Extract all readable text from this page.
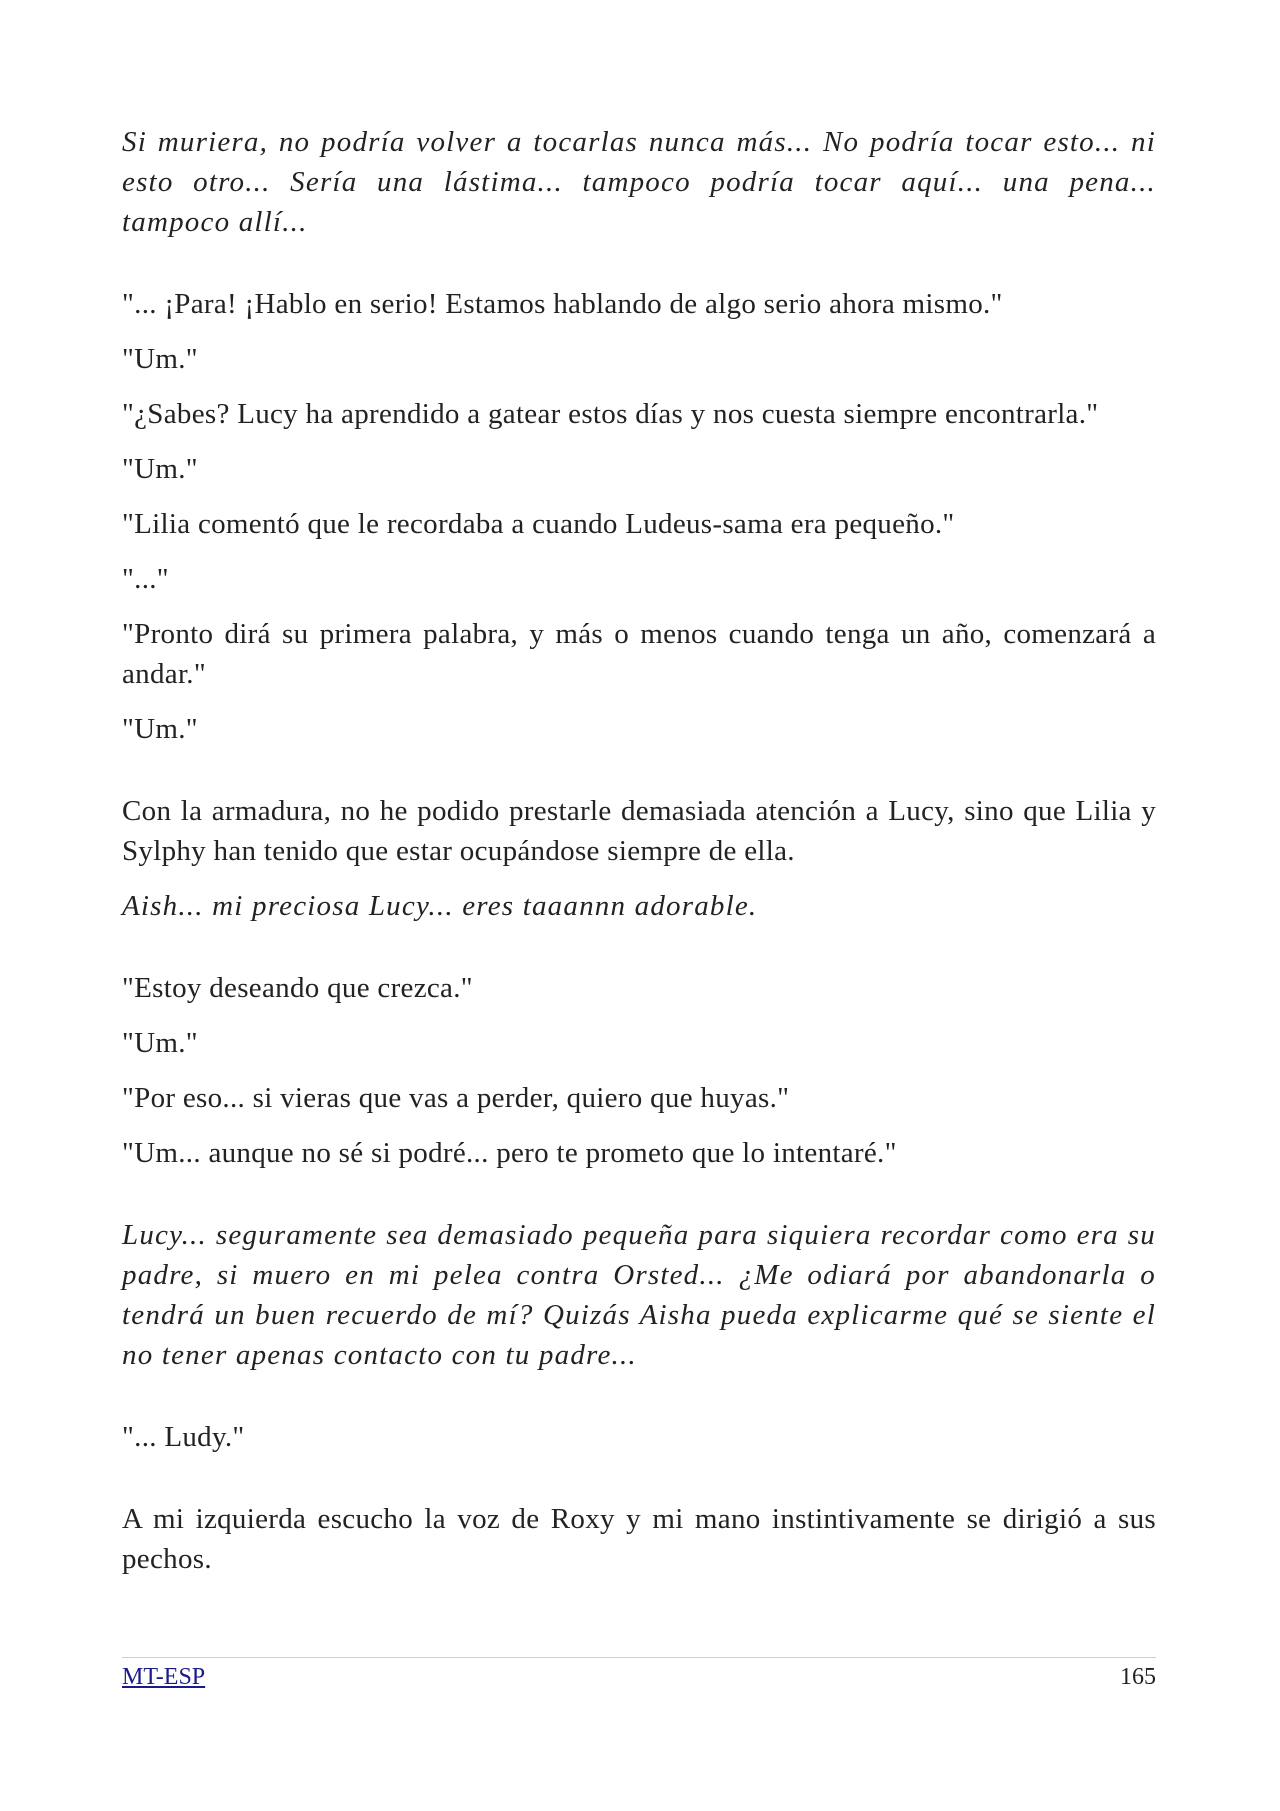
Si muriera, no podría volver a tocarlas nunca más... No podría tocar esto... ni esto otro... Sería una lástima... tampoco podría tocar aquí... una pena... tampoco allí...

"... ¡Para! ¡Hablo en serio! Estamos hablando de algo serio ahora mismo."

"Um."

"¿Sabes? Lucy ha aprendido a gatear estos días y nos cuesta siempre encontrarla."

"Um."

"Lilia comentó que le recordaba a cuando Ludeus-sama era pequeño."

"..."

"Pronto dirá su primera palabra, y más o menos cuando tenga un año, comenzará a andar."

"Um."

Con la armadura, no he podido prestarle demasiada atención a Lucy, sino que Lilia y Sylphy han tenido que estar ocupándose siempre de ella.

Aish... mi preciosa Lucy... eres taaannn adorable.

"Estoy deseando que crezca."

"Um."

"Por eso... si vieras que vas a perder, quiero que huyas."

"Um... aunque no sé si podré... pero te prometo que lo intentaré."

Lucy... seguramente sea demasiado pequeña para siquiera recordar como era su padre, si muero en mi pelea contra Orsted... ¿Me odiará por abandonarla o tendrá un buen recuerdo de mí? Quizás Aisha pueda explicarme qué se siente el no tener apenas contacto con tu padre...

"... Ludy."

A mi izquierda escucho la voz de Roxy y mi mano instintivamente se dirigió a sus pechos.

MT-ESP	165
